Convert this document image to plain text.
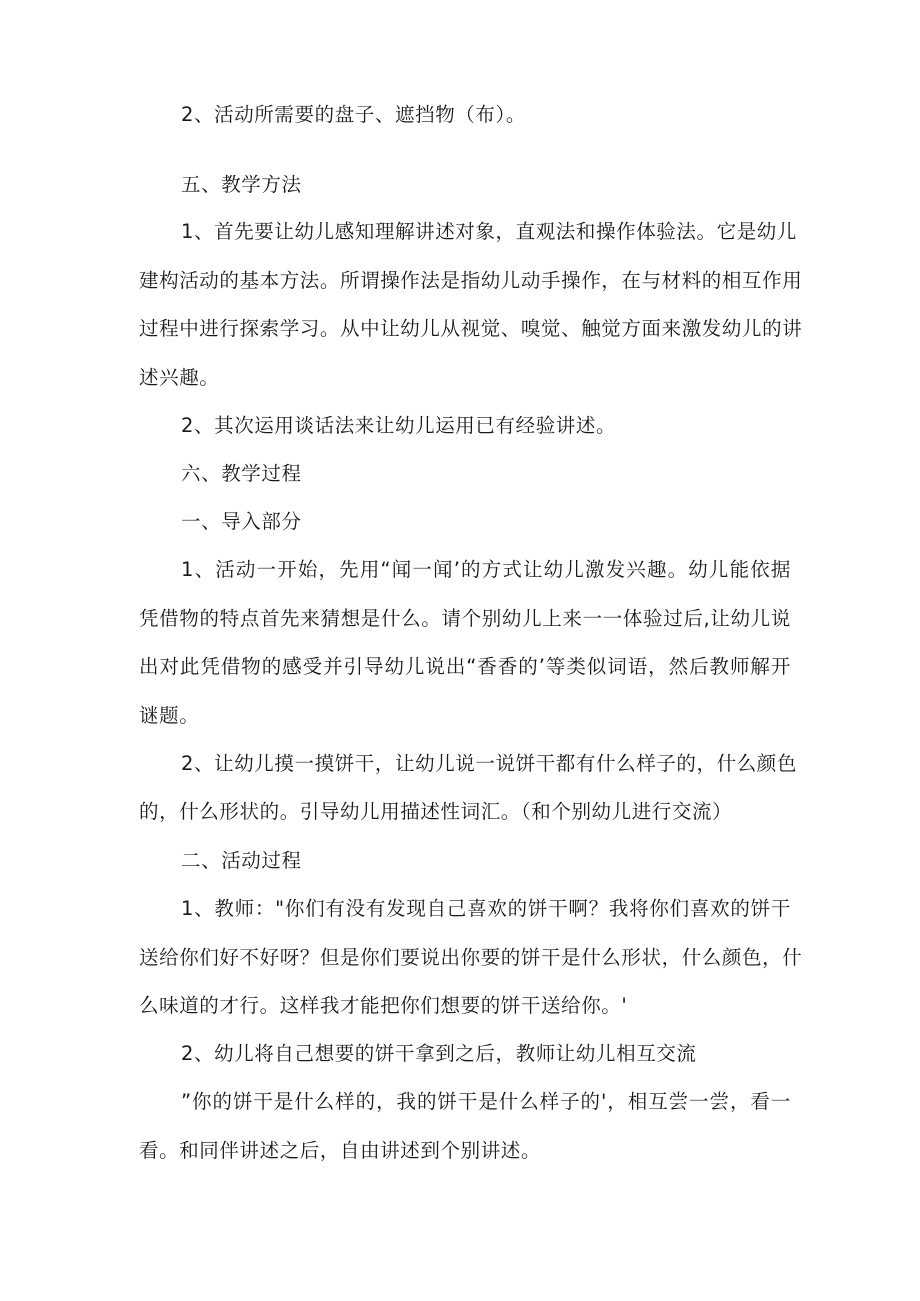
2、活动所需要的盘子、遮挡物（布）。
五、教学方法
1、首先要让幼儿感知理解讲述对象，直观法和操作体验法。它是幼儿
建构活动的基本方法。所谓操作法是指幼儿动手操作，在与材料的相互作用
过程中进行探索学习。从中让幼儿从视觉、嗅觉、触觉方面来激发幼儿的讲
述兴趣。
2、其次运用谈话法来让幼儿运用已有经验讲述。
六、教学过程
一、导入部分
1、活动一开始，先用“闻一闻’的方式让幼儿激发兴趣。幼儿能依据
凭借物的特点首先来猜想是什么。请个别幼儿上来一一体验过后,让幼儿说
出对此凭借物的感受并引导幼儿说出“香香的’等类似词语，然后教师解开
谜题。
2、让幼儿摸一摸饼干，让幼儿说一说饼干都有什么样子的，什么颜色
的，什么形状的。引导幼儿用描述性词汇。（和个别幼儿进行交流）
二、活动过程
1、教师："你们有没有发现自己喜欢的饼干啊？我将你们喜欢的饼干
送给你们好不好呀？但是你们要说出你要的饼干是什么形状，什么颜色，什
么味道的才行。这样我才能把你们想要的饼干送给你。'
2、幼儿将自己想要的饼干拿到之后，教师让幼儿相互交流
”你的饼干是什么样的，我的饼干是什么样子的'，相互尝一尝，看一
看。和同伴讲述之后，自由讲述到个别讲述。
